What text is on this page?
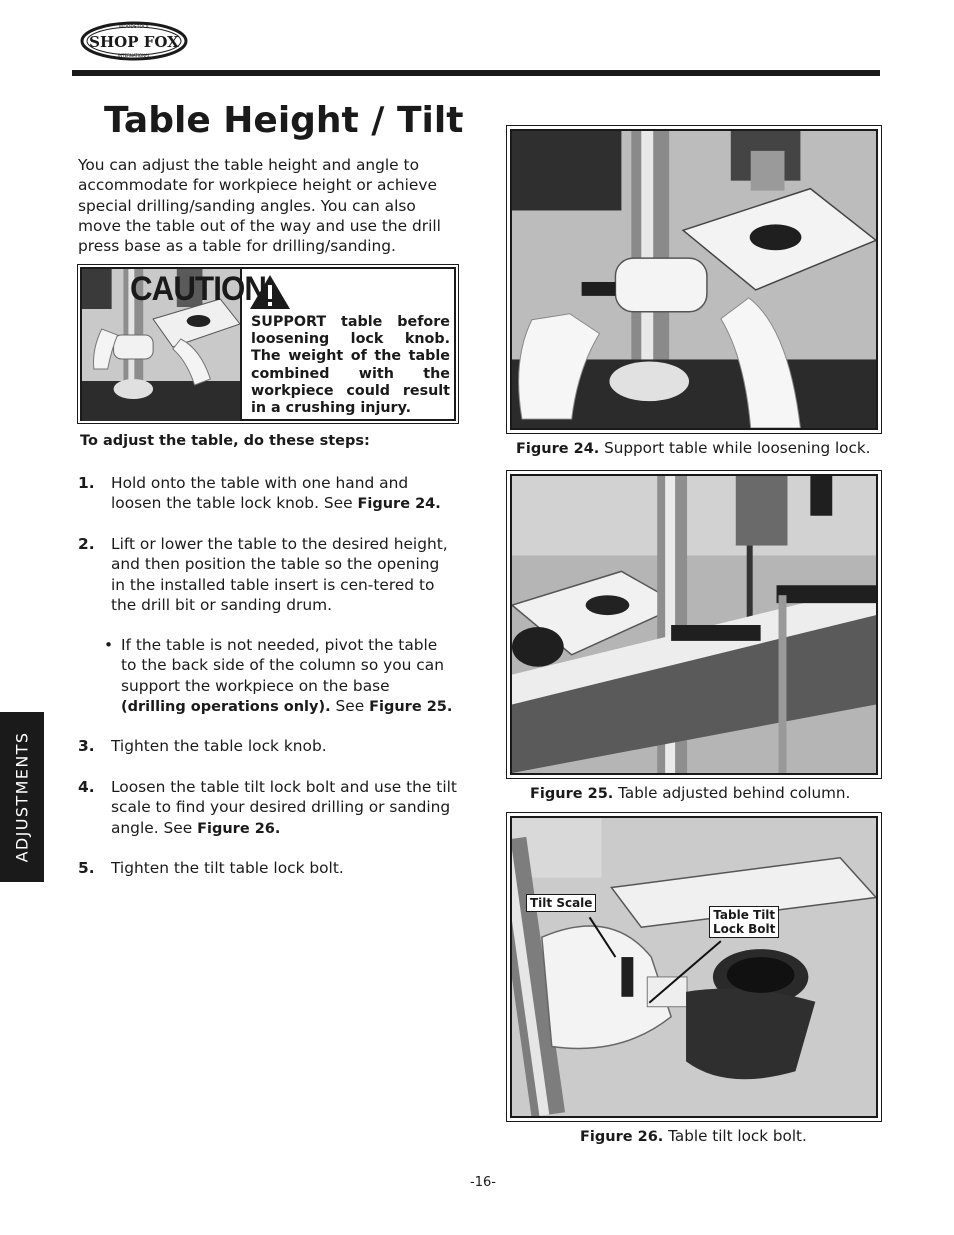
WOODSTOCK
SHOP FOX
INTERNATIONAL
ADJUSTMENTS
Table Height / Tilt

You can adjust the table height and angle to accommodate for workpiece height or achieve special drilling/sanding angles. You can also move the table out of the way and use the drill press base as a table for drilling/sanding.

CAUTION

SUPPORT table before loosening lock knob. The weight of the table combined with the workpiece could result in a crushing injury.

To adjust the table, do these steps:
1. Hold onto the table with one hand and loosen the table lock knob. See Figure 24.
2. Lift or lower the table to the desired height, and then position the table so the opening in the installed table insert is cen-tered to the drill bit or sanding drum.
• If the table is not needed, pivot the table to the back side of the column so you can support the workpiece on the base (drilling operations only). See Figure 25.
3. Tighten the table lock knob.
4. Loosen the table tilt lock bolt and use the tilt scale to find your desired drilling or sanding angle. See Figure 26.
5. Tighten the tilt table lock bolt.
Figure 24. Support table while loosening lock.
Figure 25. Table adjusted behind column.
Tilt Scale
Table Tilt
Lock Bolt
Figure 26. Table tilt lock bolt.
-16-
